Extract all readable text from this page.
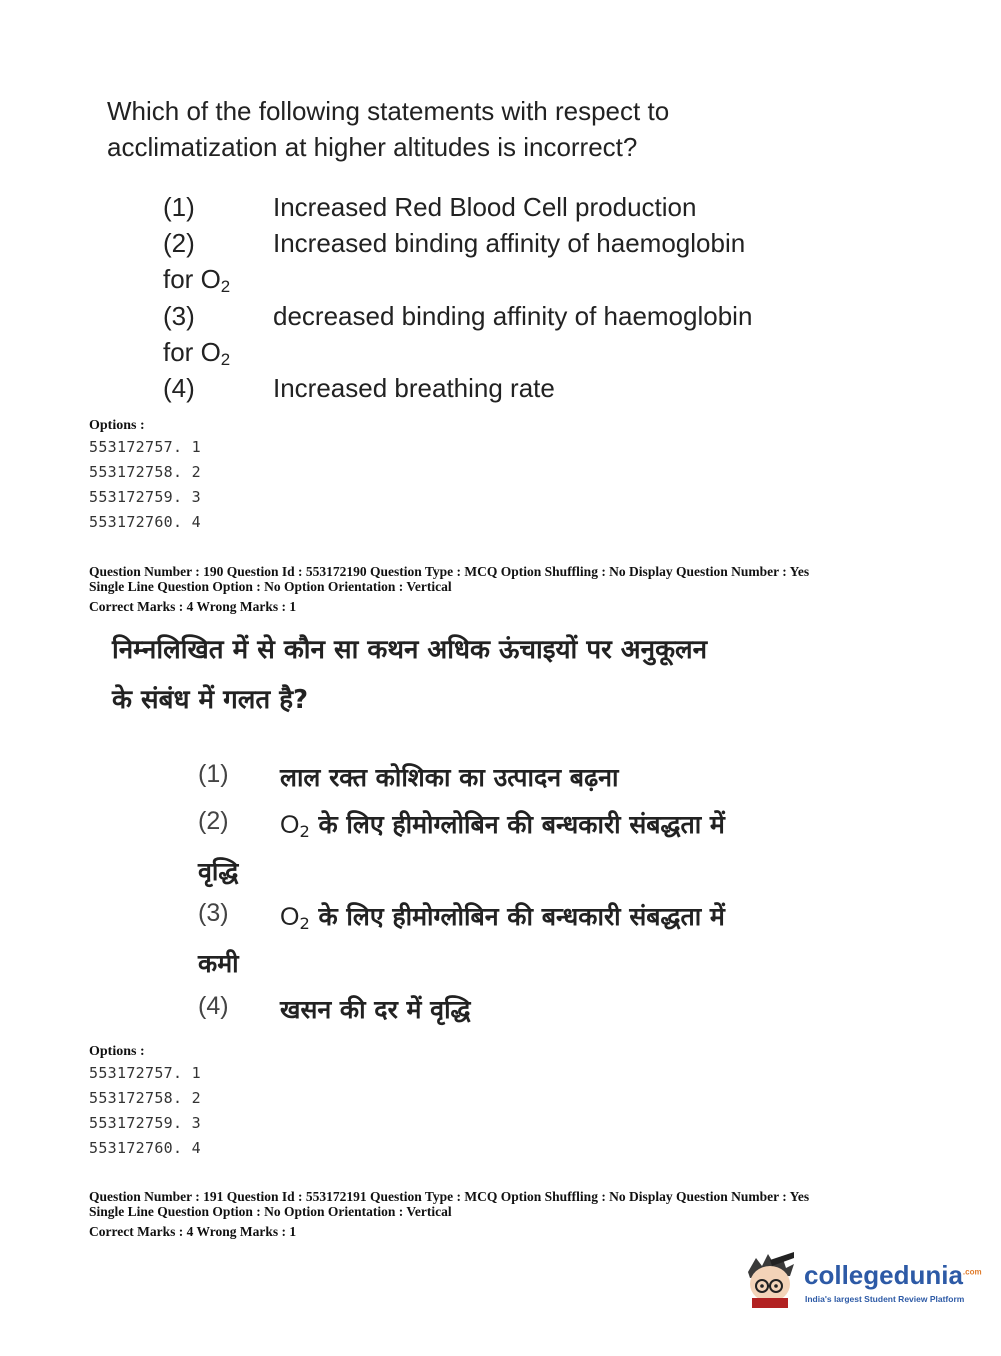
Which of the following statements with respect to
acclimatization at higher altitudes is incorrect?
(1)	Increased Red Blood Cell production
(2)	Increased binding affinity of haemoglobin
for $O_2$
(3)	decreased binding affinity of haemoglobin
for $O_2$
(4)	Increased breathing rate
Options :
553172757. 1
553172758. 2
553172759. 3
553172760. 4
Question Number : 190 Question Id : 553172190 Question Type : MCQ Option Shuffling : No Display Question Number : Yes
Single Line Question Option : No Option Orientation : Vertical
Correct Marks : 4 Wrong Marks : 1
निम्नलिखित में से कौन सा कथन अधिक ऊंचाइयों पर अनुकूलन
के संबंध में गलत है?
(1) लाल रक्त कोशिका का उत्पादन बढ़ना
(2) $O_2$ के लिए हीमोग्लोबिन की बन्धकारी संबद्धता में
वृद्धि
(3) $O_2$ के लिए हीमोग्लोबिन की बन्धकारी संबद्धता में
कमी
(4) खसन की दर में वृद्धि
Options :
553172757. 1
553172758. 2
553172759. 3
553172760. 4
Question Number : 191 Question Id : 553172191 Question Type : MCQ Option Shuffling : No Display Question Number : Yes
Single Line Question Option : No Option Orientation : Vertical
Correct Marks : 4 Wrong Marks : 1
collegedunia$^{.com}$
India's largest Student Review Platform
